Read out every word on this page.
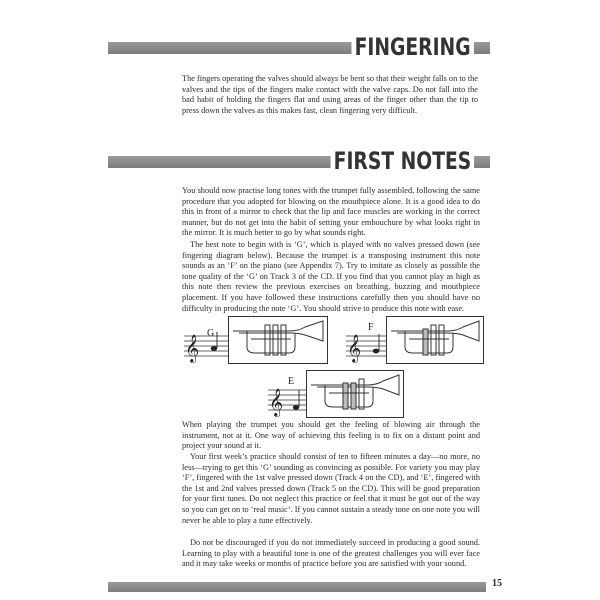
FINGERING

The fingers operating the valves should always be bent so that their weight falls on to the valves and the tips of the fingers make contact with the valve caps. Do not fall into the bad habit of holding the fingers flat and using areas of the finger other than the tip to press down the valves as this makes fast, clean fingering very difficult.

FIRST NOTES

You should now practise long tones with the trumpet fully assembled, following the same procedure that you adopted for blowing on the mouthpiece alone. It is a good idea to do this in front of a mirror to check that the lip and face muscles are working in the correct manner, but do not get into the habit of setting your embouchure by what looks right in the mirror. It is much better to go by what sounds right.

The best note to begin with is ‘G’, which is played with no valves pressed down (see fingering diagram below). Because the trumpet is a transposing instrument this note sounds as an ‘F’ on the piano (see Appendix 7). Try to imitate as closely as possible the tone quality of the ‘G’ on Track 3 of the CD. If you find that you cannot play as high as this note then review the previous exercises on breathing, buzzing and mouthpiece placement. If you have followed these instructions carefully then you should have no difficulty in producing the note ‘G’. You should strive to produce this note with ease.

G
𝄞
F
𝄞
E
𝄞

When playing the trumpet you should get the feeling of blowing air through the instrument, not at it. One way of achieving this feeling is to fix on a distant point and project your sound at it.

Your first week’s practice should consist of ten to fifteen minutes a day—no more, no less—trying to get this ‘G’ sounding as convincing as possible. For variety you may play ‘F’, fingered with the 1st valve pressed down (Track 4 on the CD), and ‘E’, fingered with the 1st and 2nd valves pressed down (Track 5 on the CD). This will be good preparation for your first tunes. Do not neglect this practice or feel that it must be got out of the way so you can get on to ‘real music’. If you cannot sustain a steady tone on one note you will never be able to play a tune effectively.

Do not be discouraged if you do not immediately succeed in producing a good sound. Learning to play with a beautiful tone is one of the greatest challenges you will ever face and it may take weeks or months of practice before you are satisfied with your sound.

15
